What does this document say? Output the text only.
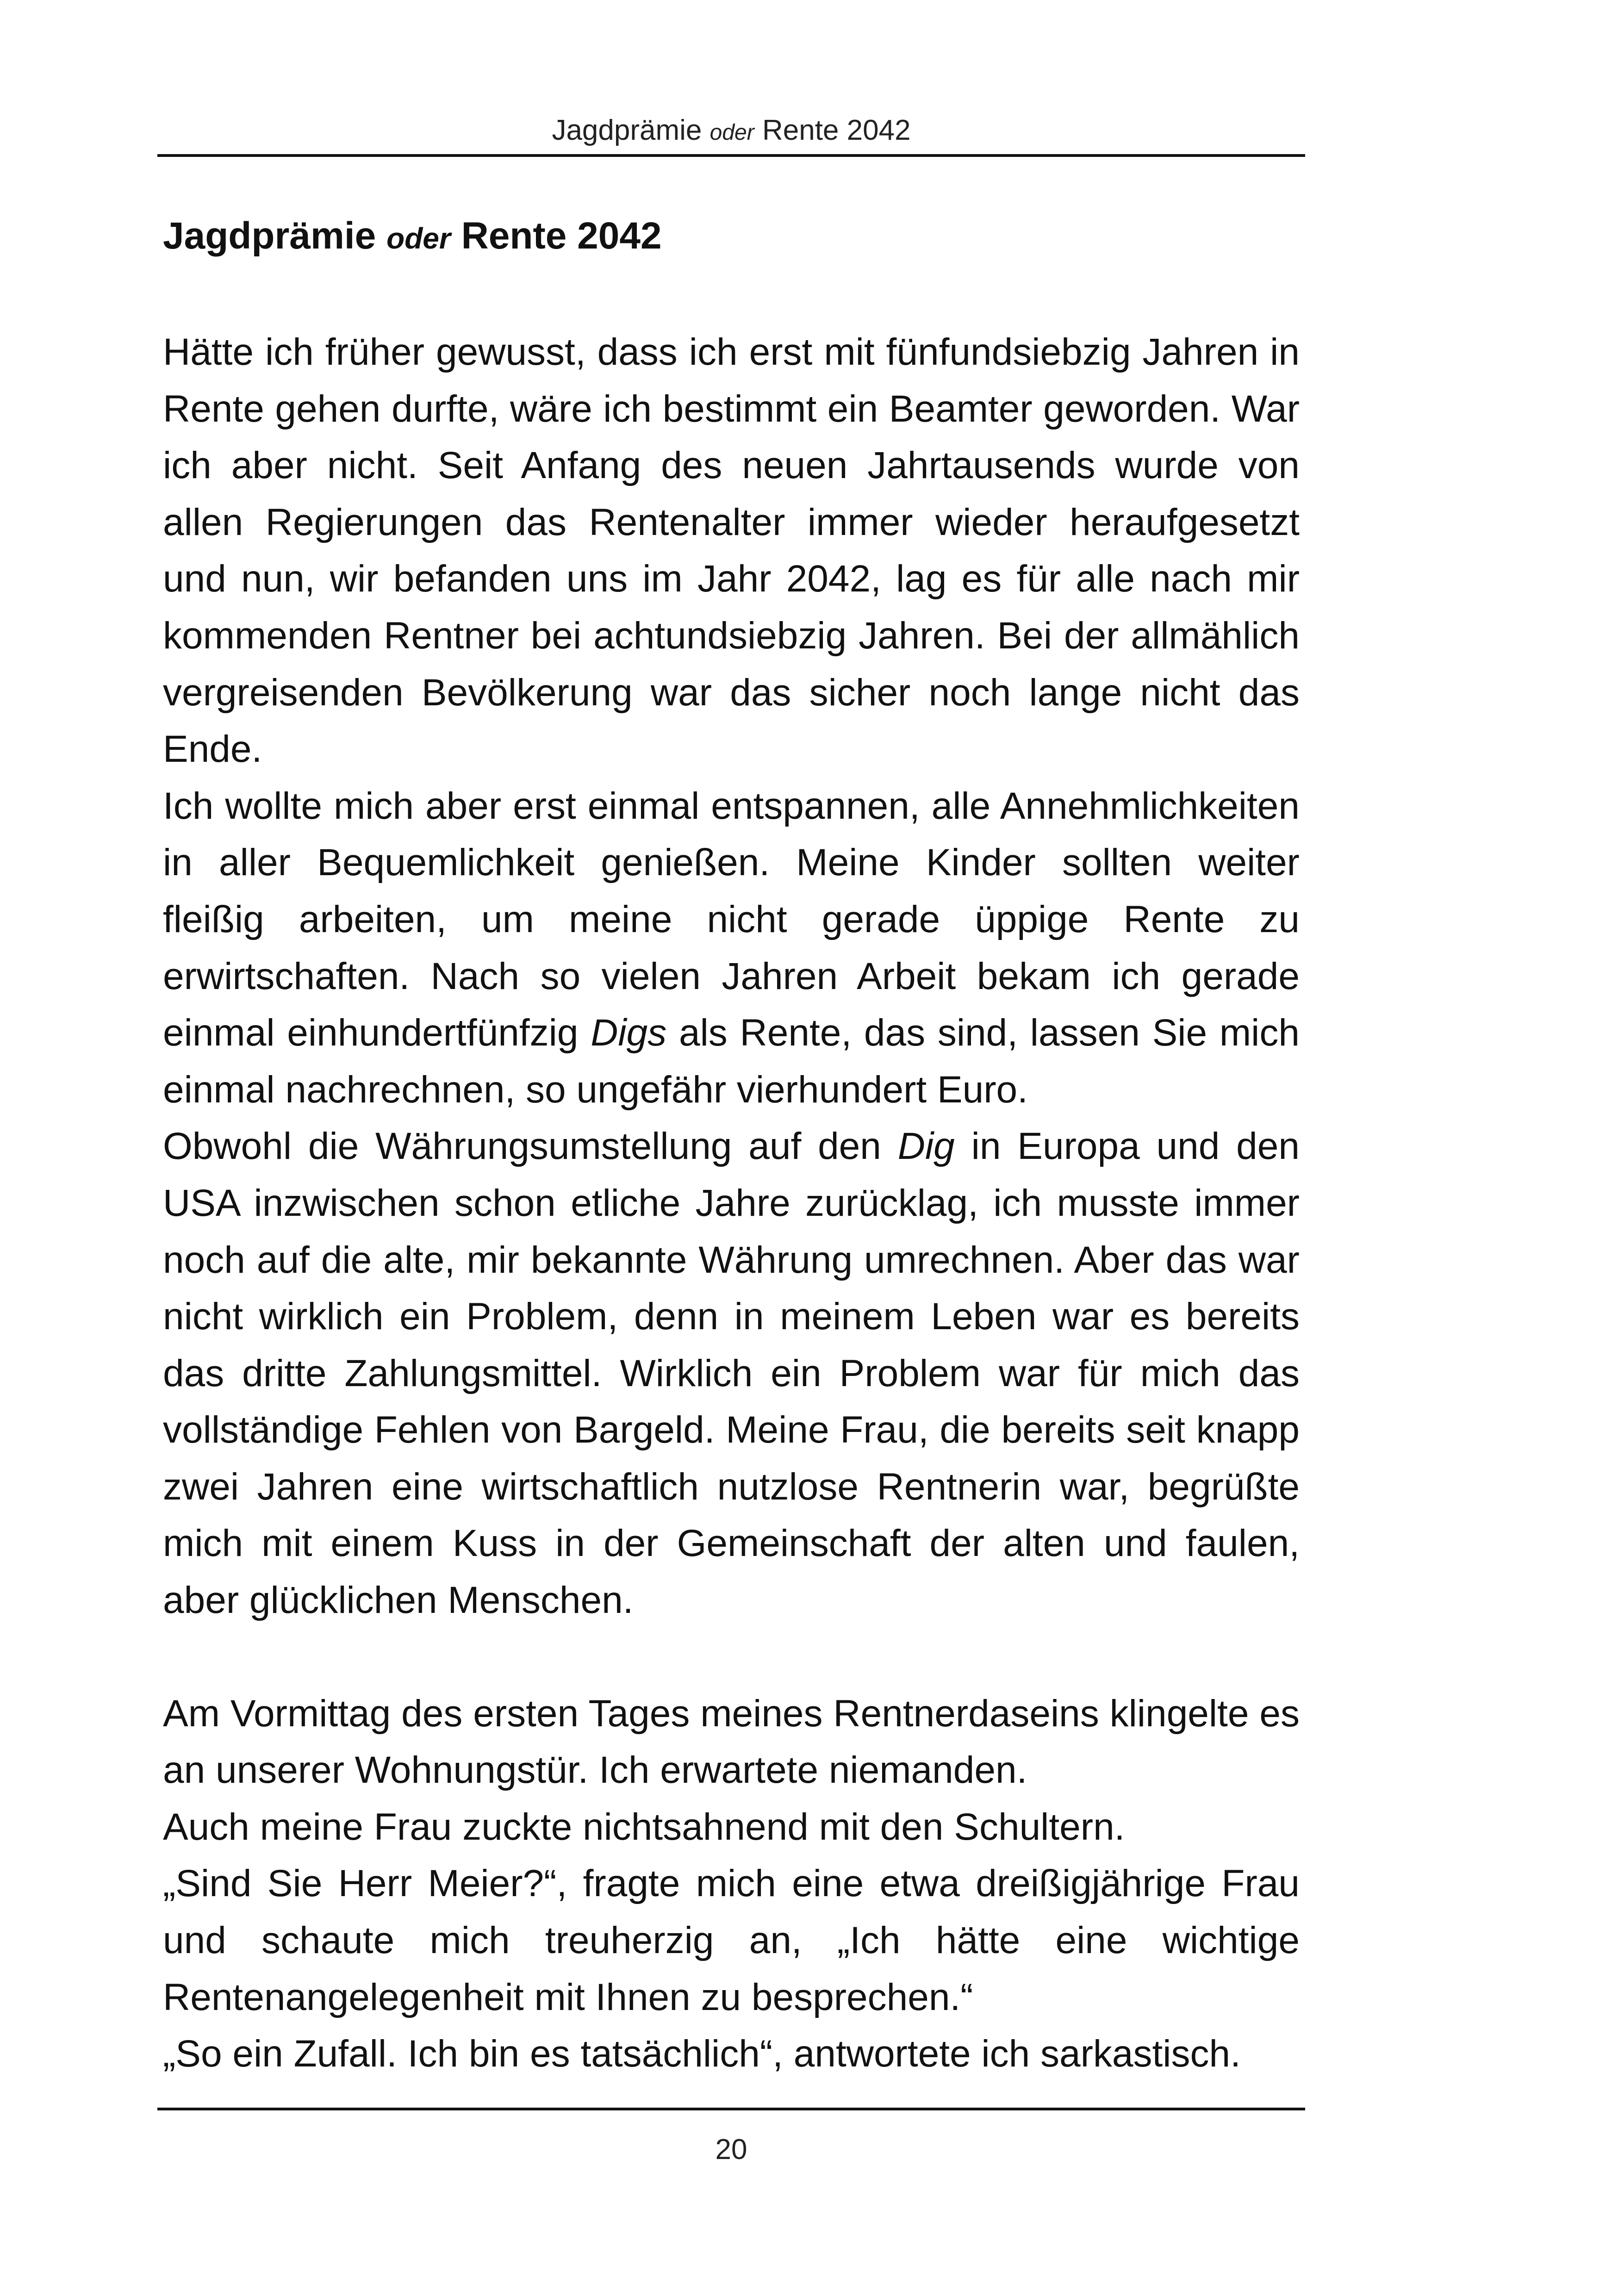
Jagdprämie oder Rente 2042
Jagdprämie oder Rente 2042

Hätte ich früher gewusst, dass ich erst mit fünfundsiebzig Jahren in Rente gehen durfte, wäre ich bestimmt ein Beamter geworden. War ich aber nicht. Seit Anfang des neuen Jahrtausends wurde von allen Regierungen das Rentenalter immer wieder heraufgesetzt und nun, wir befanden uns im Jahr 2042, lag es für alle nach mir kommenden Rentner bei achtundsiebzig Jahren. Bei der allmählich vergreisenden Bevölkerung war das sicher noch lange nicht das Ende.

Ich wollte mich aber erst einmal entspannen, alle Annehmlichkeiten in aller Bequemlichkeit genießen. Meine Kinder sollten weiter fleißig arbeiten, um meine nicht gerade üppige Rente zu erwirtschaften. Nach so vielen Jahren Arbeit bekam ich gerade einmal einhundertfünfzig Digs als Rente, das sind, lassen Sie mich einmal nachrechnen, so ungefähr vierhundert Euro.

Obwohl die Währungsumstellung auf den Dig in Europa und den USA inzwischen schon etliche Jahre zurücklag, ich musste immer noch auf die alte, mir bekannte Währung umrechnen. Aber das war nicht wirklich ein Problem, denn in meinem Leben war es bereits das dritte Zahlungsmittel. Wirklich ein Problem war für mich das vollständige Fehlen von Bargeld. Meine Frau, die bereits seit knapp zwei Jahren eine wirtschaftlich nutzlose Rentnerin war, begrüßte mich mit einem Kuss in der Gemeinschaft der alten und faulen, aber glücklichen Menschen.

Am Vormittag des ersten Tages meines Rentnerdaseins klingelte es an unserer Wohnungstür. Ich erwartete niemanden.

Auch meine Frau zuckte nichtsahnend mit den Schultern.

„Sind Sie Herr Meier?“, fragte mich eine etwa dreißigjährige Frau und schaute mich treuherzig an, „Ich hätte eine wichtige Rentenangelegenheit mit Ihnen zu besprechen.“

„So ein Zufall. Ich bin es tatsächlich“, antwortete ich sarkastisch.

20
